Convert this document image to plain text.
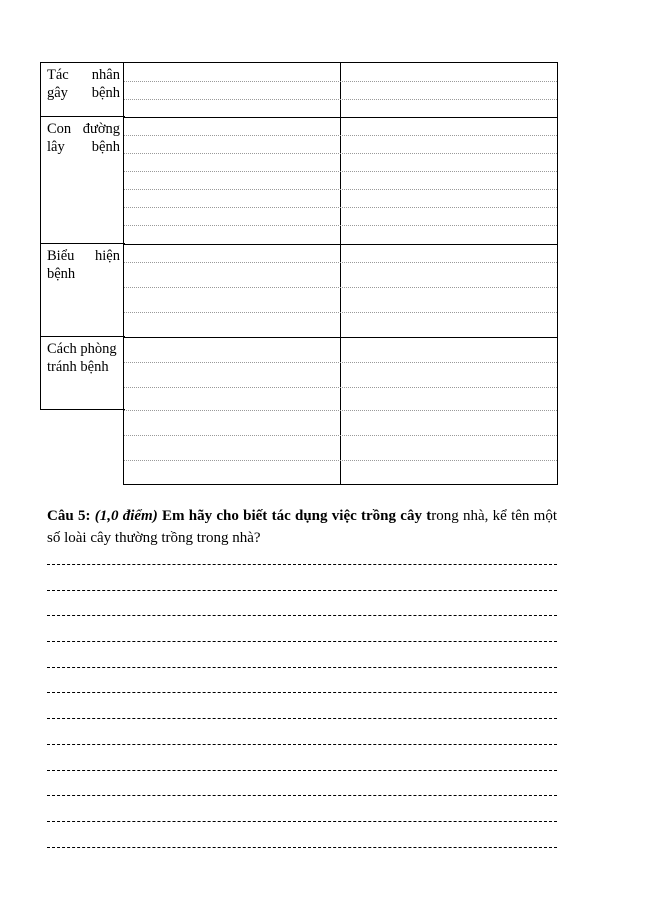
Tác nhân gây bệnh
Con đường lây bệnh
Biểu hiện bệnh
Cách phòng tránh bệnh
Câu 5: (1,0 điểm) Em hãy cho biết tác dụng việc trồng cây trong nhà, kể tên một số loài cây thường trồng trong nhà?
